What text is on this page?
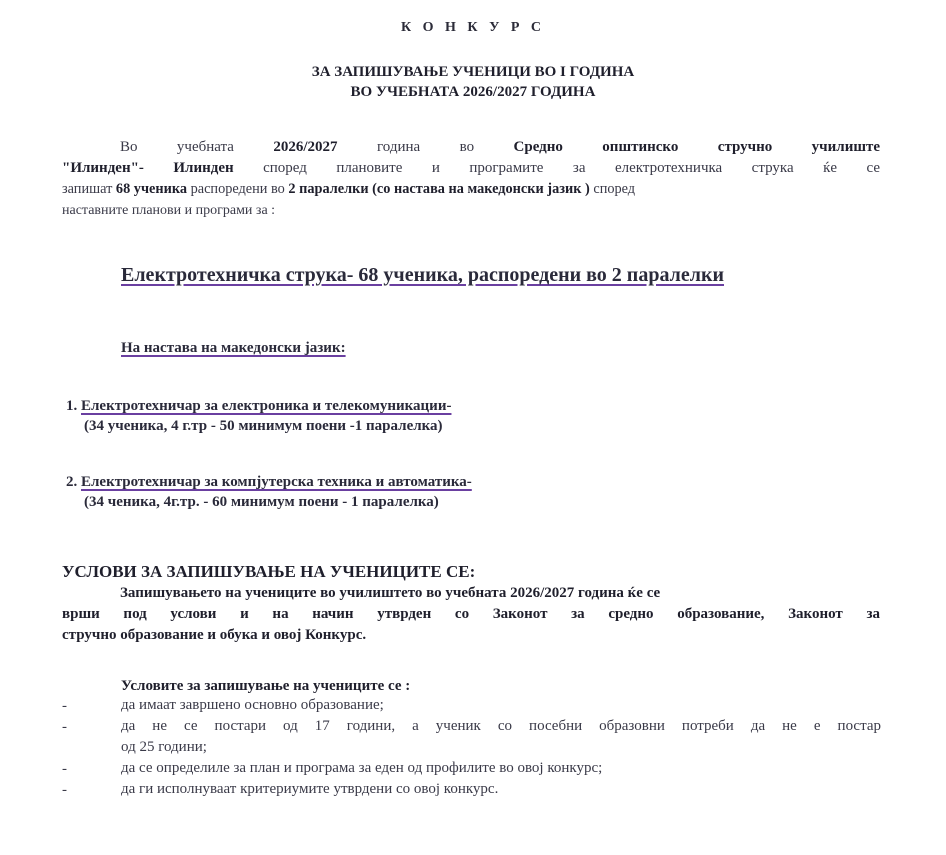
К О Н К У Р С
ЗА ЗАПИШУВАЊЕ УЧЕНИЦИ ВО I ГОДИНА
ВО УЧЕБНАТА 2026/2027 ГОДИНА
Во учебната 2026/2027 година во Средно општинско стручно училиште
"Илинден"- Илинден според плановите и програмите за електротехничка струка ќе се
запишат 68 ученика распоредени во 2 паралелки (со настава на македонски јазик ) според
наставните планови и програми за :
Електротехничка струка- 68 ученика, распоредени во 2 паралелки
На настава на македонски јазик:
1. Електротехничар за електроника и телекомуникации-
(34 ученика, 4 г.тр - 50 минимум поени -1 паралелка)
2. Електротехничар за компјутерска техника и автоматика-
(34 ченика, 4г.тр. - 60 минимум поени - 1 паралелка)
УСЛОВИ ЗА ЗАПИШУВАЊЕ НА УЧЕНИЦИТЕ СЕ:
Запишувањето на учениците во училиштето во учебната 2026/2027 година ќе се
врши под услови и на начин утврден со Законот за средно образование, Законот за
стручно образование и обука и овој Конкурс.
Условите за запишување на учениците се :
-	да имаат завршено основно образование;
-	да не се постари од 17 години, а ученик со посебни образовни потреби да не е постар
од 25 години;
-	да се определиле за план и програма за еден од профилите во овој конкурс;
-	да ги исполнуваат критериумите утврдени со овој конкурс.
